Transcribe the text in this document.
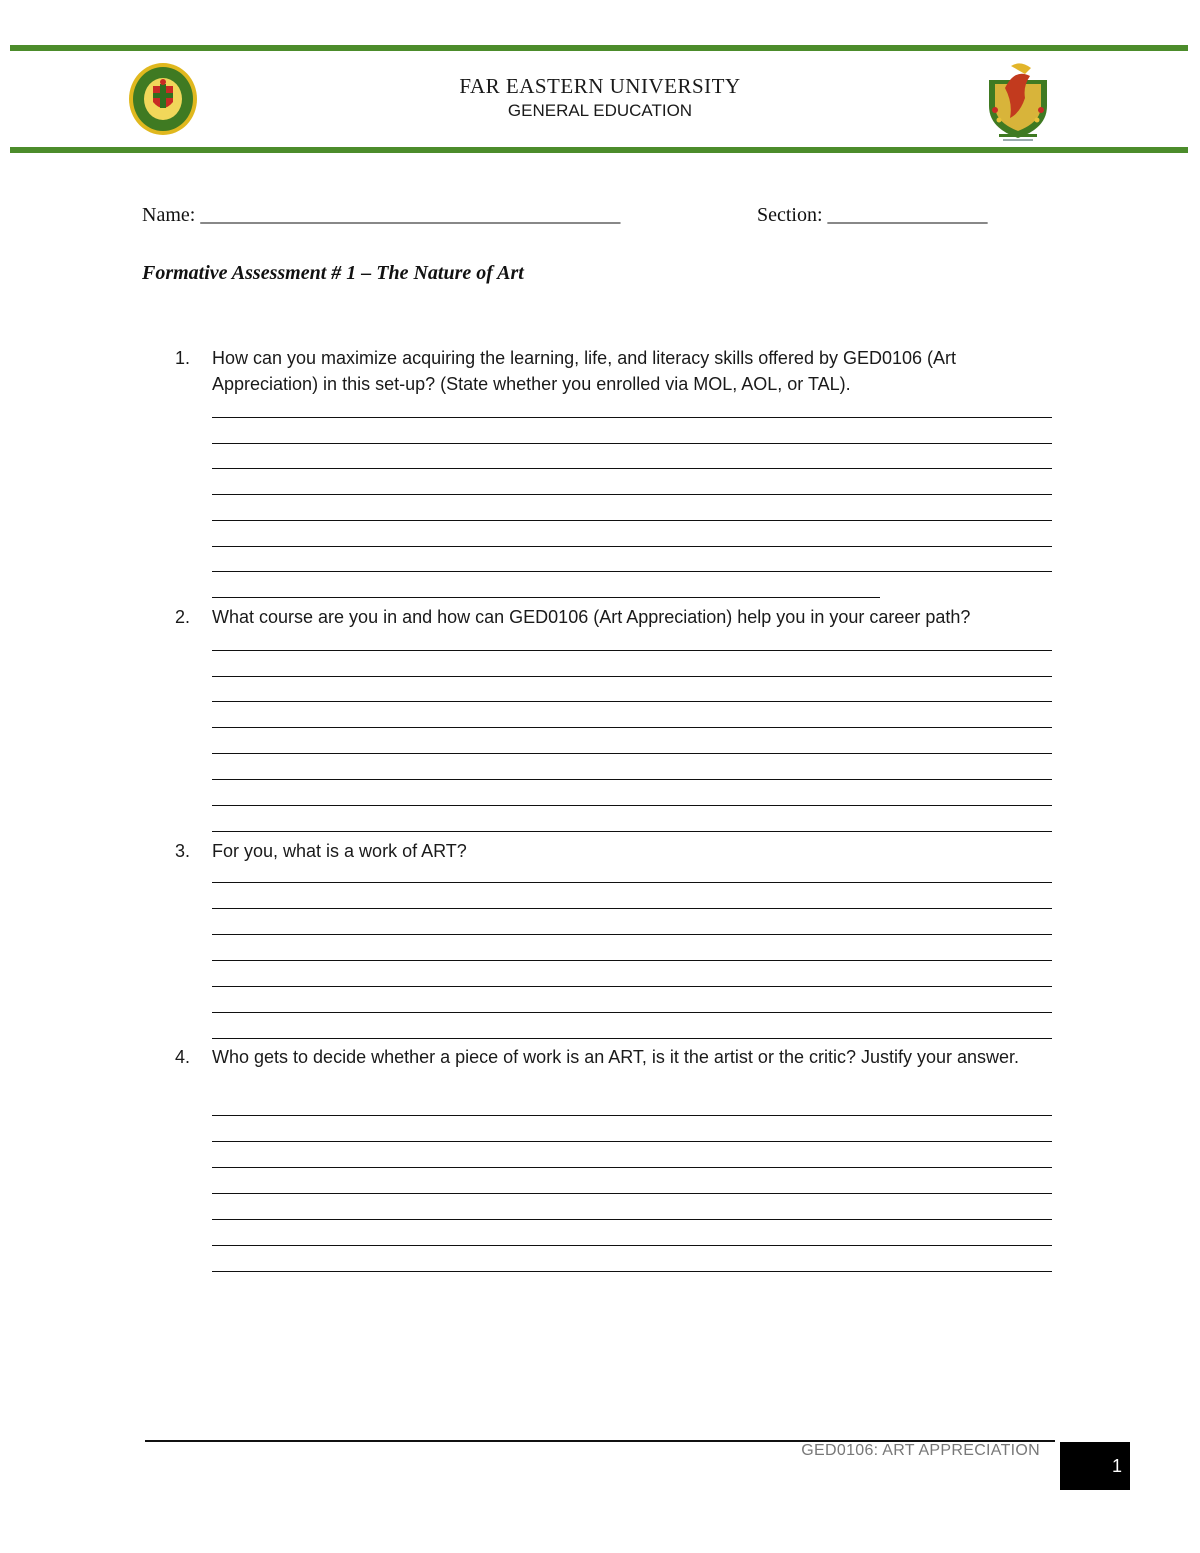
FAR EASTERN UNIVERSITY
GENERAL EDUCATION
Name: __________________________________________	Section: ________________
Formative Assessment # 1 – The Nature of Art
1. How can you maximize acquiring the learning, life, and literacy skills offered by GED0106 (Art Appreciation) in this set-up? (State whether you enrolled via MOL, AOL, or TAL).
2. What course are you in and how can GED0106 (Art Appreciation) help you in your career path?
3. For you, what is a work of ART?
4. Who gets to decide whether a piece of work is an ART, is it the artist or the critic? Justify your answer.
GED0106: ART APPRECIATION
1
